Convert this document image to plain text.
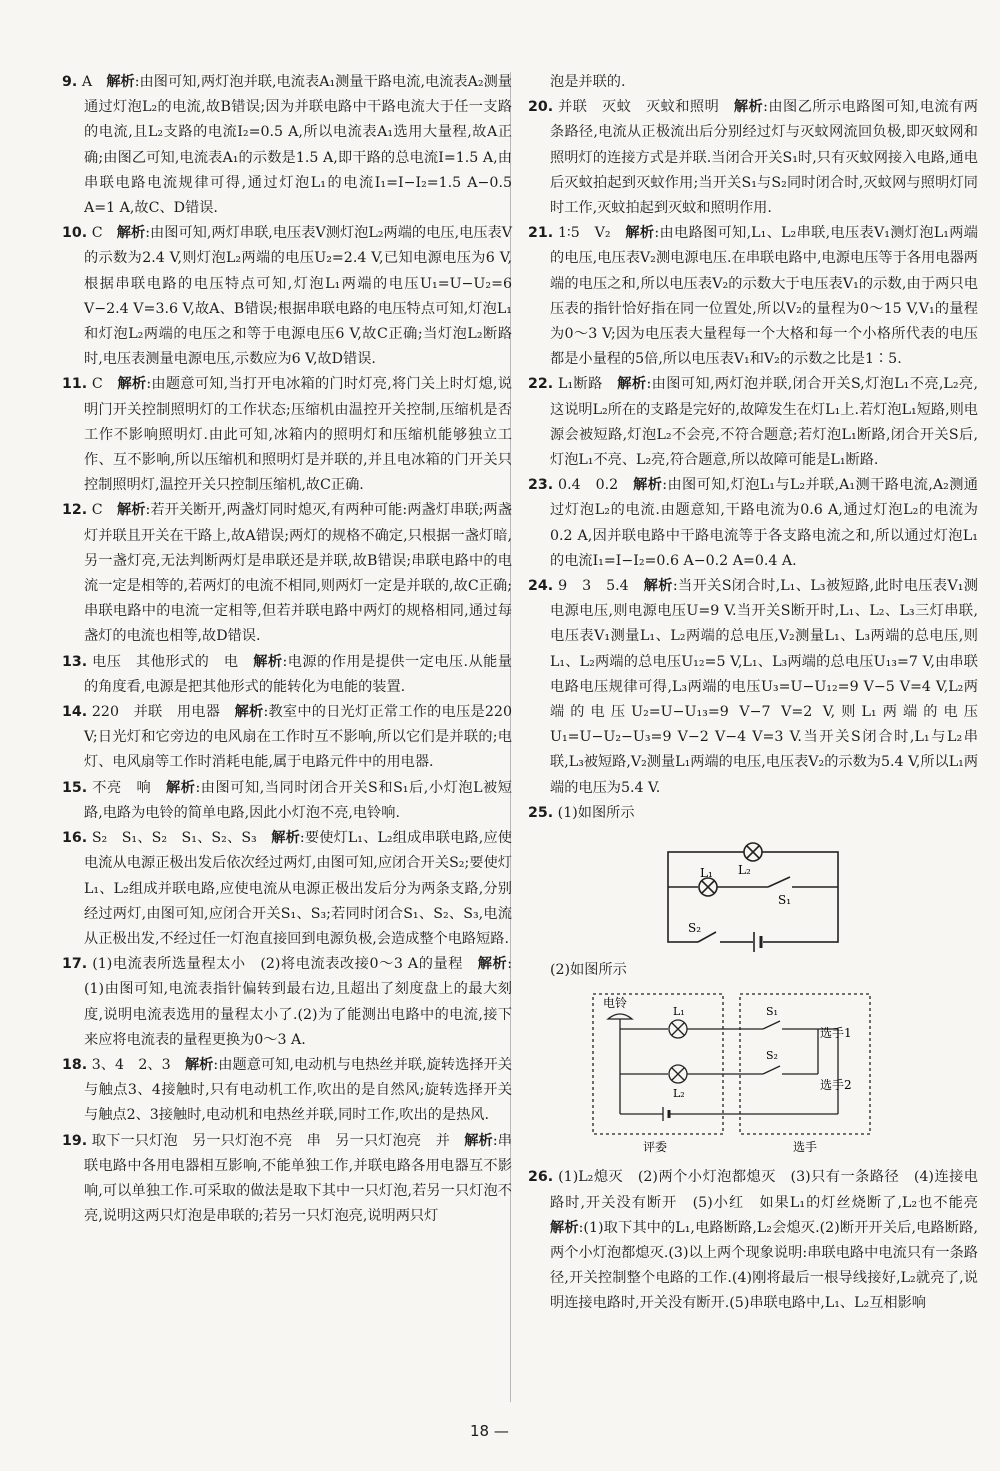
9. A　解析:由图可知,两灯泡并联,电流表A₁测量干路电流,电流表A₂测量通过灯泡L₂的电流,故B错误;因为并联电路中干路电流大于任一支路的电流,且L₂支路的电流I₂=0.5 A,所以电流表A₁选用大量程,故A正确;由图乙可知,电流表A₁的示数是1.5 A,即干路的总电流I=1.5 A,由串联电路电流规律可得,通过灯泡L₁的电流I₁=I−I₂=1.5 A−0.5 A=1 A,故C、D错误.
10. C　解析:由图可知,两灯串联,电压表V测灯泡L₂两端的电压,电压表V的示数为2.4 V,则灯泡L₂两端的电压U₂=2.4 V,已知电源电压为6 V,根据串联电路的电压特点可知,灯泡L₁两端的电压U₁=U−U₂=6 V−2.4 V=3.6 V,故A、B错误;根据串联电路的电压特点可知,灯泡L₁和灯泡L₂两端的电压之和等于电源电压6 V,故C正确;当灯泡L₂断路时,电压表测量电源电压,示数应为6 V,故D错误.
11. C　解析:由题意可知,当打开电冰箱的门时灯亮,将门关上时灯熄,说明门开关控制照明灯的工作状态;压缩机由温控开关控制,压缩机是否工作不影响照明灯.由此可知,冰箱内的照明灯和压缩机能够独立工作、互不影响,所以压缩机和照明灯是并联的,并且电冰箱的门开关只控制照明灯,温控开关只控制压缩机,故C正确.
12. C　解析:若开关断开,两盏灯同时熄灭,有两种可能:两盏灯串联;两盏灯并联且开关在干路上,故A错误;两灯的规格不确定,只根据一盏灯暗,另一盏灯亮,无法判断两灯是串联还是并联,故B错误;串联电路中的电流一定是相等的,若两灯的电流不相同,则两灯一定是并联的,故C正确;串联电路中的电流一定相等,但若并联电路中两灯的规格相同,通过每盏灯的电流也相等,故D错误.
13. 电压　其他形式的　电　解析:电源的作用是提供一定电压.从能量的角度看,电源是把其他形式的能转化为电能的装置.
14. 220　并联　用电器　解析:教室中的日光灯正常工作的电压是220 V;日光灯和它旁边的电风扇在工作时互不影响,所以它们是并联的;电灯、电风扇等工作时消耗电能,属于电路元件中的用电器.
15. 不亮　响　解析:由图可知,当同时闭合开关S和S₁后,小灯泡L被短路,电路为电铃的简单电路,因此小灯泡不亮,电铃响.
16. S₂　S₁、S₂　S₁、S₂、S₃　解析:要使灯L₁、L₂组成串联电路,应使电流从电源正极出发后依次经过两灯,由图可知,应闭合开关S₂;要使灯L₁、L₂组成并联电路,应使电流从电源正极出发后分为两条支路,分别经过两灯,由图可知,应闭合开关S₁、S₃;若同时闭合S₁、S₂、S₃,电流从正极出发,不经过任一灯泡直接回到电源负极,会造成整个电路短路.
17. (1)电流表所选量程太小　(2)将电流表改接0～3 A的量程　解析:(1)由图可知,电流表指针偏转到最右边,且超出了刻度盘上的最大刻度,说明电流表选用的量程太小了.(2)为了能测出电路中的电流,接下来应将电流表的量程更换为0～3 A.
18. 3、4　2、3　解析:由题意可知,电动机与电热丝并联,旋转选择开关与触点3、4接触时,只有电动机工作,吹出的是自然风;旋转选择开关与触点2、3接触时,电动机和电热丝并联,同时工作,吹出的是热风.
19. 取下一只灯泡　另一只灯泡不亮　串　另一只灯泡亮　并　解析:串联电路中各用电器相互影响,不能单独工作,并联电路各用电器互不影响,可以单独工作.可采取的做法是取下其中一只灯泡,若另一只灯泡不亮,说明这两只灯泡是串联的;若另一只灯泡亮,说明两只灯
泡是并联的.
20. 并联　灭蚊　灭蚊和照明　解析:由图乙所示电路图可知,电流有两条路径,电流从正极流出后分别经过灯与灭蚊网流回负极,即灭蚊网和照明灯的连接方式是并联.当闭合开关S₁时,只有灭蚊网接入电路,通电后灭蚊拍起到灭蚊作用;当开关S₁与S₂同时闭合时,灭蚊网与照明灯同时工作,灭蚊拍起到灭蚊和照明作用.
21. 1∶5　V₂　解析:由电路图可知,L₁、L₂串联,电压表V₁测灯泡L₁两端的电压,电压表V₂测电源电压.在串联电路中,电源电压等于各用电器两端的电压之和,所以电压表V₂的示数大于电压表V₁的示数,由于两只电压表的指针恰好指在同一位置处,所以V₂的量程为0～15 V,V₁的量程为0～3 V;因为电压表大量程每一个大格和每一个小格所代表的电压都是小量程的5倍,所以电压表V₁和V₂的示数之比是1∶5.
22. L₁断路　解析:由图可知,两灯泡并联,闭合开关S,灯泡L₁不亮,L₂亮,这说明L₂所在的支路是完好的,故障发生在灯L₁上.若灯泡L₁短路,则电源会被短路,灯泡L₂不会亮,不符合题意;若灯泡L₁断路,闭合开关S后,灯泡L₁不亮、L₂亮,符合题意,所以故障可能是L₁断路.
23. 0.4　0.2　解析:由图可知,灯泡L₁与L₂并联,A₁测干路电流,A₂测通过灯泡L₂的电流.由题意知,干路电流为0.6 A,通过灯泡L₂的电流为0.2 A,因并联电路中干路电流等于各支路电流之和,所以通过灯泡L₁的电流I₁=I−I₂=0.6 A−0.2 A=0.4 A.
24. 9　3　5.4　解析:当开关S闭合时,L₁、L₃被短路,此时电压表V₁测电源电压,则电源电压U=9 V.当开关S断开时,L₁、L₂、L₃三灯串联,电压表V₁测量L₁、L₂两端的总电压,V₂测量L₁、L₃两端的总电压,则L₁、L₂两端的总电压U₁₂=5 V,L₁、L₃两端的总电压U₁₃=7 V,由串联电路电压规律可得,L₃两端的电压U₃=U−U₁₂=9 V−5 V=4 V,L₂两端的电压U₂=U−U₁₃=9 V−7 V=2 V,则L₁两端的电压U₁=U−U₂−U₃=9 V−2 V−4 V=3 V.当开关S闭合时,L₁与L₂串联,L₃被短路,V₂测量L₁两端的电压,电压表V₂的示数为5.4 V,所以L₁两端的电压为5.4 V.
25. (1)如图所示
L₁ L₂
S₁
S₂
(2)如图所示
电铃
L₁
L₂
S₁
S₂
选手1
选手2
评委	选手
26. (1)L₂熄灭　(2)两个小灯泡都熄灭　(3)只有一条路径　(4)连接电路时,开关没有断开　(5)小红　如果L₁的灯丝烧断了,L₂也不能亮　解析:(1)取下其中的L₁,电路断路,L₂会熄灭.(2)断开开关后,电路断路,两个小灯泡都熄灭.(3)以上两个现象说明:串联电路中电流只有一条路径,开关控制整个电路的工作.(4)刚将最后一根导线接好,L₂就亮了,说明连接电路时,开关没有断开.(5)串联电路中,L₁、L₂互相影响
18 —
